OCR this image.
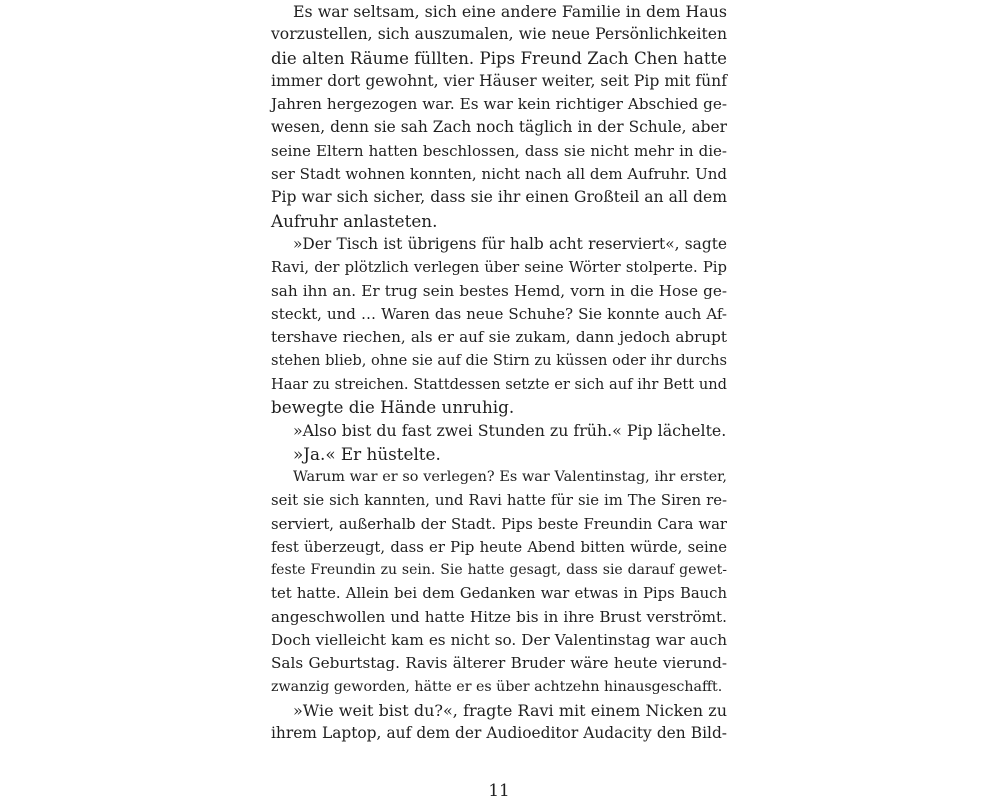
Es war seltsam, sich eine andere Familie in dem Haus
vorzustellen, sich auszumalen, wie neue Persönlichkeiten
die alten Räume füllten. Pips Freund Zach Chen hatte
immer dort gewohnt, vier Häuser weiter, seit Pip mit fünf
Jahren hergezogen war. Es war kein richtiger Abschied ge-
wesen, denn sie sah Zach noch täglich in der Schule, aber
seine Eltern hatten beschlossen, dass sie nicht mehr in die-
ser Stadt wohnen konnten, nicht nach all dem Aufruhr. Und
Pip war sich sicher, dass sie ihr einen Großteil an all dem
Aufruhr anlasteten.
»Der Tisch ist übrigens für halb acht reserviert«, sagte
Ravi, der plötzlich verlegen über seine Wörter stolperte. Pip
sah ihn an. Er trug sein bestes Hemd, vorn in die Hose ge-
steckt, und … Waren das neue Schuhe? Sie konnte auch Af-
tershave riechen, als er auf sie zukam, dann jedoch abrupt
stehen blieb, ohne sie auf die Stirn zu küssen oder ihr durchs
Haar zu streichen. Stattdessen setzte er sich auf ihr Bett und
bewegte die Hände unruhig.
»Also bist du fast zwei Stunden zu früh.« Pip lächelte.
»Ja.« Er hüstelte.
Warum war er so verlegen? Es war Valentinstag, ihr erster,
seit sie sich kannten, und Ravi hatte für sie im The Siren re-
serviert, außerhalb der Stadt. Pips beste Freundin Cara war
fest überzeugt, dass er Pip heute Abend bitten würde, seine
feste Freundin zu sein. Sie hatte gesagt, dass sie darauf gewet-
tet hatte. Allein bei dem Gedanken war etwas in Pips Bauch
angeschwollen und hatte Hitze bis in ihre Brust verströmt.
Doch vielleicht kam es nicht so. Der Valentinstag war auch
Sals Geburtstag. Ravis älterer Bruder wäre heute vierund-
zwanzig geworden, hätte er es über achtzehn hinausgeschafft.
»Wie weit bist du?«, fragte Ravi mit einem Nicken zu
ihrem Laptop, auf dem der Audioeditor Audacity den Bild-
11
